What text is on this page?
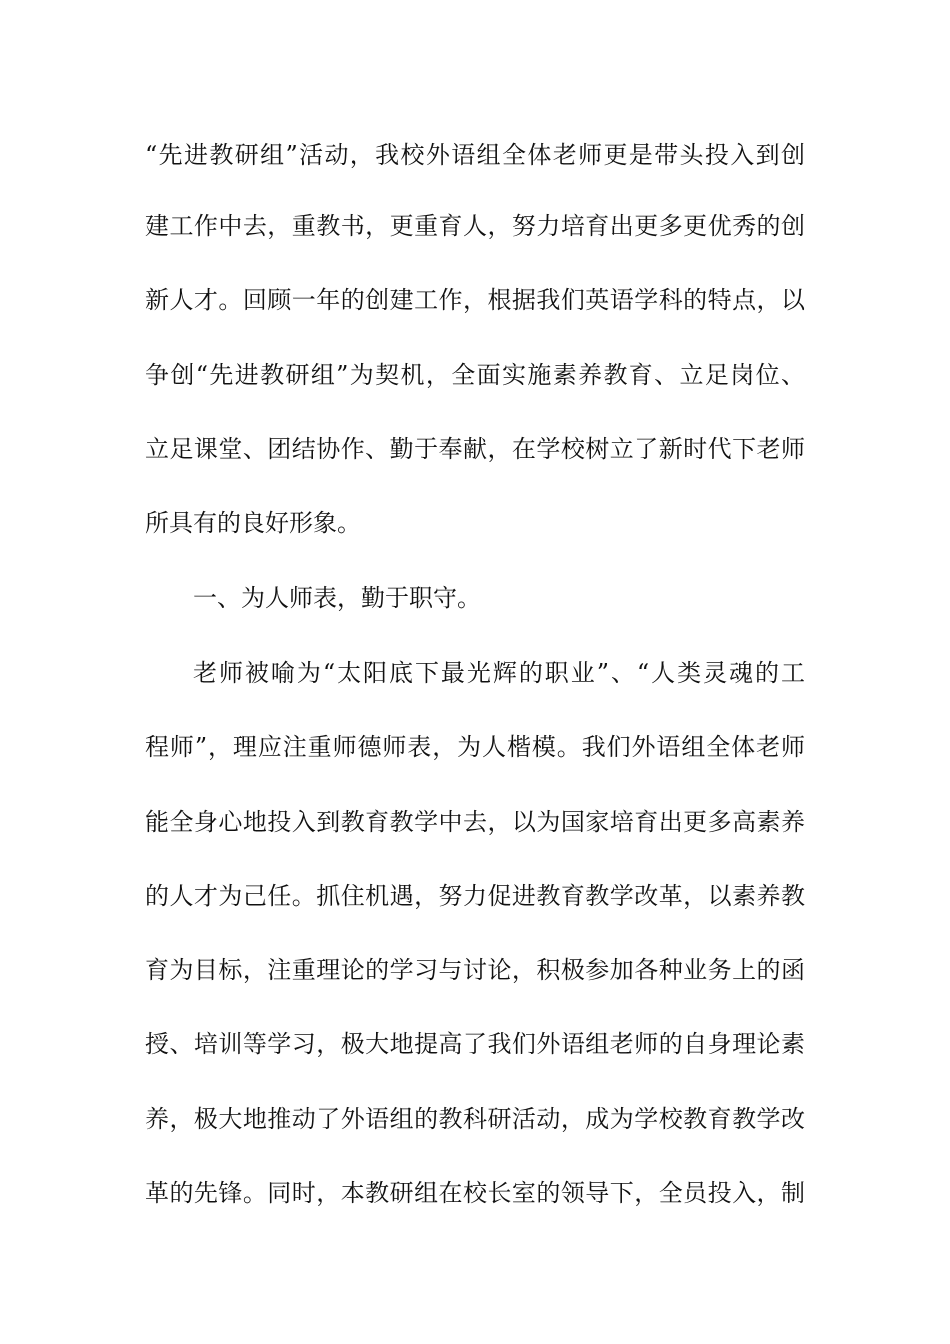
“先进教研组”活动，我校外语组全体老师更是带头投入到创
建工作中去，重教书，更重育人，努力培育出更多更优秀的创
新人才。回顾一年的创建工作，根据我们英语学科的特点，以
争创“先进教研组”为契机，全面实施素养教育、立足岗位、
立足课堂、团结协作、勤于奉献，在学校树立了新时代下老师
所具有的良好形象。
一、为人师表，勤于职守。
老师被喻为“太阳底下最光辉的职业”、“人类灵魂的工
程师”，理应注重师德师表，为人楷模。我们外语组全体老师
能全身心地投入到教育教学中去，以为国家培育出更多高素养
的人才为己任。抓住机遇，努力促进教育教学改革，以素养教
育为目标，注重理论的学习与讨论，积极参加各种业务上的函
授、培训等学习，极大地提高了我们外语组老师的自身理论素
养，极大地推动了外语组的教科研活动，成为学校教育教学改
革的先锋。同时，本教研组在校长室的领导下，全员投入，制
